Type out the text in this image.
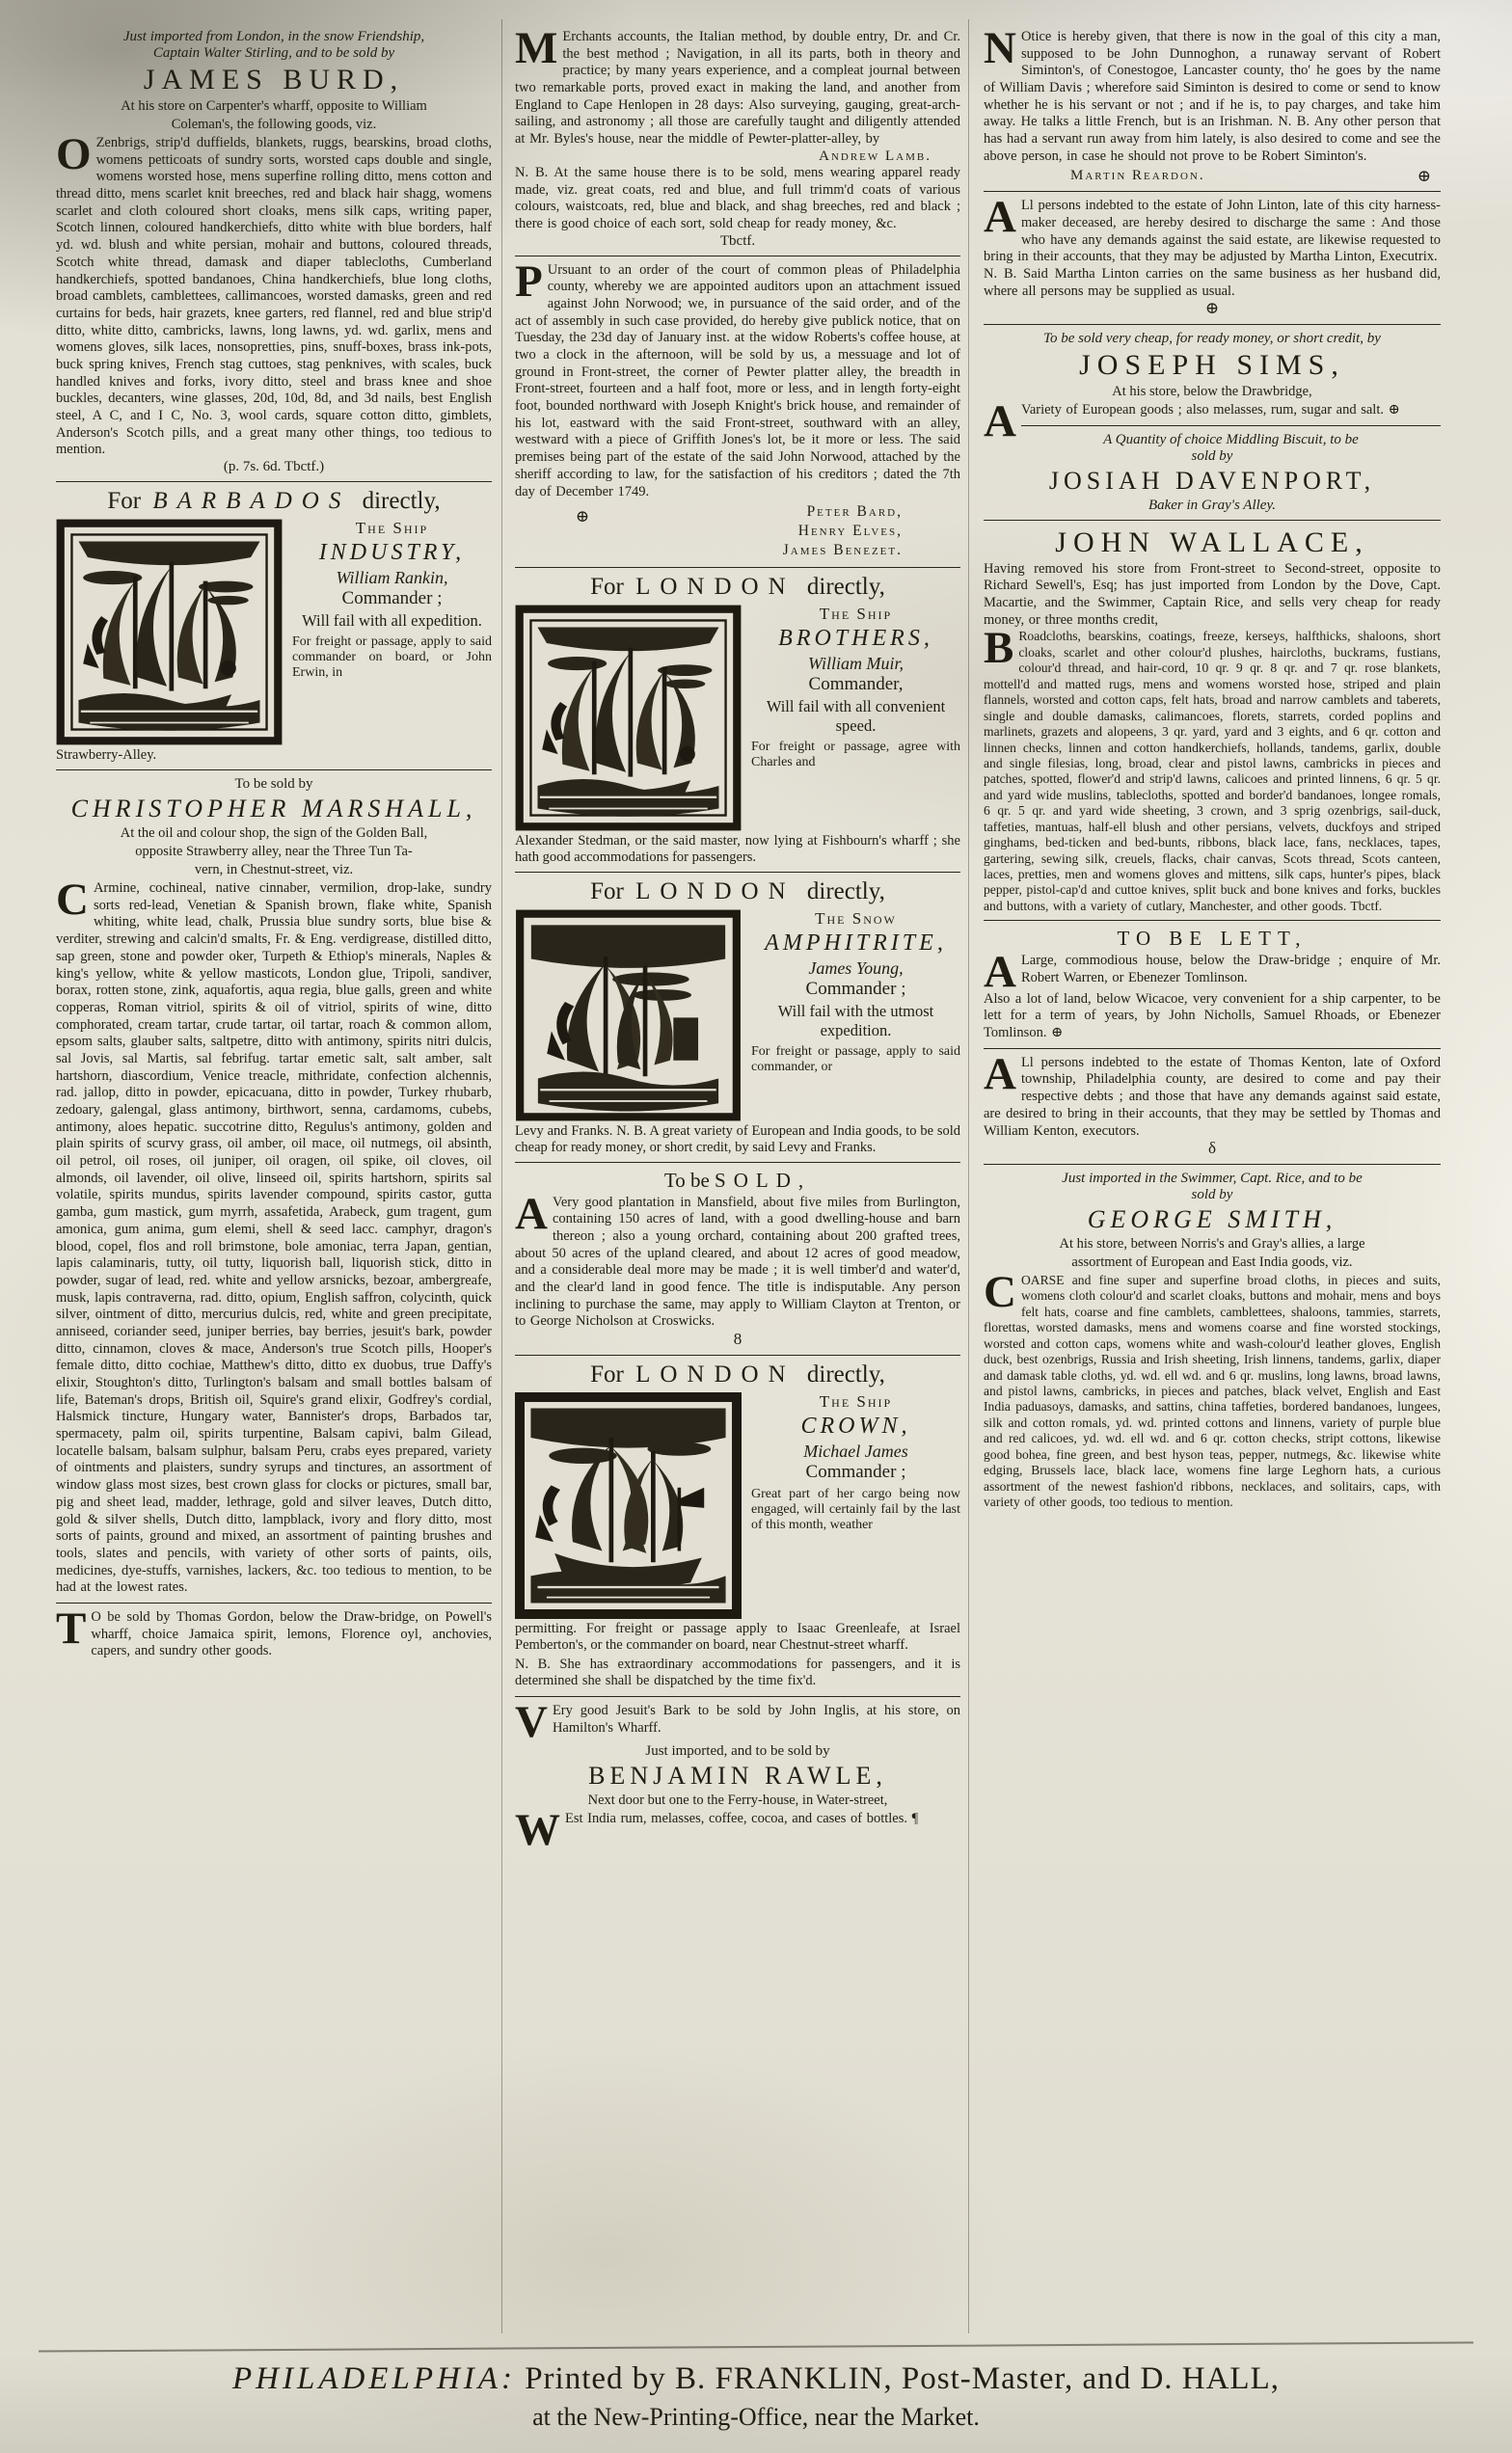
Just imported from London, in the snow Friendship,

Captain Walter Stirling, and to be sold by

JAMES BURD,

At his store on Carpenter's wharff, opposite to William

Coleman's, the following goods, viz.

O Zenbrigs, strip'd duffields, blankets, ruggs, bearskins, broad cloths, womens petticoats of sundry sorts, worsted caps double and single, womens worsted hose, mens superfine rolling ditto, mens cotton and thread ditto, mens scarlet knit breeches, red and black hair shagg, womens scarlet and cloth coloured short cloaks, mens silk caps, writing paper, Scotch linnen, coloured handkerchiefs, ditto white with blue borders, half yd. wd. blush and white persian, mohair and buttons, coloured threads, Scotch white thread, damask and diaper tablecloths, Cumberland handkerchiefs, spotted bandanoes, China handkerchiefs, blue long cloths, broad camblets, camblettees, callimancoes, worsted damasks, green and red curtains for beds, hair grazets, knee garters, red flannel, red and blue strip'd ditto, white ditto, cambricks, lawns, long lawns, yd. wd. garlix, mens and womens gloves, silk laces, nonsopretties, pins, snuff-boxes, brass ink-pots, buck spring knives, French stag cuttoes, stag penknives, with scales, buck handled knives and forks, ivory ditto, steel and brass knee and shoe buckles, decanters, wine glasses, 20d, 10d, 8d, and 3d nails, best English steel, A C, and I C, No. 3, wool cards, square cotton ditto, gimblets, Anderson's Scotch pills, and a great many other things, too tedious to mention.

(p. 7s. 6d. Tbctf.)

For BARBADOS directly,
The Ship
INDUSTRY,
William Rankin,
Commander ;
Will fail with all expedition.
For freight or passage, apply to said commander on board, or John Erwin, in
Strawberry-Alley.

To be sold by

CHRISTOPHER MARSHALL,

At the oil and colour shop, the sign of the Golden Ball,

opposite Strawberry alley, near the Three Tun Ta-

vern, in Chestnut-street, viz.

C Armine, cochineal, native cinnaber, vermilion, drop-lake, sundry sorts red-lead, Venetian & Spanish brown, flake white, Spanish whiting, white lead, chalk, Prussia blue sundry sorts, blue bise & verditer, strewing and calcin'd smalts, Fr. & Eng. verdigrease, distilled ditto, sap green, stone and powder oker, Turpeth & Ethiop's minerals, Naples & king's yellow, white & yellow masticots, London glue, Tripoli, sandiver, borax, rotten stone, zink, aquafortis, aqua regia, blue galls, green and white copperas, Roman vitriol, spirits & oil of vitriol, spirits of wine, ditto comphorated, cream tartar, crude tartar, oil tartar, roach & common allom, epsom salts, glauber salts, saltpetre, ditto with antimony, spirits nitri dulcis, sal Jovis, sal Martis, sal febrifug. tartar emetic salt, salt amber, salt hartshorn, diascordium, Venice treacle, mithridate, confection alchennis, rad. jallop, ditto in powder, epicacuana, ditto in powder, Turkey rhubarb, zedoary, galengal, glass antimony, birthwort, senna, cardamoms, cubebs, antimony, aloes hepatic. succotrine ditto, Regulus's antimony, golden and plain spirits of scurvy grass, oil amber, oil mace, oil nutmegs, oil absinth, oil petrol, oil roses, oil juniper, oil oragen, oil spike, oil cloves, oil almonds, oil lavender, oil olive, linseed oil, spirits hartshorn, spirits sal volatile, spirits mundus, spirits lavender compound, spirits castor, gutta gamba, gum mastick, gum myrrh, assafetida, Arabeck, gum tragent, gum amonica, gum anima, gum elemi, shell & seed lacc. camphyr, dragon's blood, copel, flos and roll brimstone, bole amoniac, terra Japan, gentian, lapis calaminaris, tutty, oil tutty, liquorish ball, liquorish stick, ditto in powder, sugar of lead, red. white and yellow arsnicks, bezoar, ambergreafe, musk, lapis contraverna, rad. ditto, opium, English saffron, colycinth, quick silver, ointment of ditto, mercurius dulcis, red, white and green precipitate, anniseed, coriander seed, juniper berries, bay berries, jesuit's bark, powder ditto, cinnamon, cloves & mace, Anderson's true Scotch pills, Hooper's female ditto, ditto cochiae, Matthew's ditto, ditto ex duobus, true Daffy's elixir, Stoughton's ditto, Turlington's balsam and small bottles balsam of life, Bateman's drops, British oil, Squire's grand elixir, Godfrey's cordial, Halsmick tincture, Hungary water, Bannister's drops, Barbados tar, spermacety, palm oil, spirits turpentine, Balsam capivi, balm Gilead, locatelle balsam, balsam sulphur, balsam Peru, crabs eyes prepared, variety of ointments and plaisters, sundry syrups and tinctures, an assortment of window glass most sizes, best crown glass for clocks or pictures, small bar, pig and sheet lead, madder, lethrage, gold and silver leaves, Dutch ditto, gold & silver shells, Dutch ditto, lampblack, ivory and flory ditto, most sorts of paints, ground and mixed, an assortment of painting brushes and tools, slates and pencils, with variety of other sorts of paints, oils, medicines, dye-stuffs, varnishes, lackers, &c. too tedious to mention, to be had at the lowest rates.
T O be sold by Thomas Gordon, below the Draw-bridge, on Powell's wharff, choice Jamaica spirit, lemons, Florence oyl, anchovies, capers, and sundry other goods.
M Erchants accounts, the Italian method, by double entry, Dr. and Cr. the best method ; Navigation, in all its parts, both in theory and practice; by many years experience, and a compleat journal between two remarkable ports, proved exact in making the land, and another from England to Cape Henlopen in 28 days: Also surveying, gauging, great-arch-sailing, and astronomy ; all those are carefully taught and diligently attended at Mr. Byles's house, near the middle of Pewter-platter-alley, by
Andrew Lamb.
N. B. At the same house there is to be sold, mens wearing apparel ready made, viz. great coats, red and blue, and full trimm'd coats of various colours, waistcoats, red, blue and black, and shag breeches, red and black ; there is good choice of each sort, sold cheap for ready money, &c.

Tbctf.

P Ursuant to an order of the court of common pleas of Philadelphia county, whereby we are appointed auditors upon an attachment issued against John Norwood; we, in pursuance of the said order, and of the act of assembly in such case provided, do hereby give publick notice, that on Tuesday, the 23d day of January inst. at the widow Roberts's coffee house, at two a clock in the afternoon, will be sold by us, a messuage and lot of ground in Front-street, the corner of Pewter platter alley, the breadth in Front-street, fourteen and a half foot, more or less, and in length forty-eight foot, bounded northward with Joseph Knight's brick house, and remainder of his lot, eastward with the said Front-street, southward with an alley, westward with a piece of Griffith Jones's lot, be it more or less. The said premises being part of the estate of the said John Norwood, attached by the sheriff according to law, for the satisfaction of his creditors ; dated the 7th day of December 1749.
⊕	Peter Bard,
Henry Elves,
James Benezet.
For LONDON directly,
The Ship
BROTHERS,
William Muir,
Commander,
Will fail with all convenient speed.
For freight or passage, agree with Charles and
Alexander Stedman, or the said master, now lying at Fishbourn's wharff ; she hath good accommodations for passengers.
For LONDON directly,
The Snow
AMPHITRITE,
James Young,
Commander ;
Will fail with the utmost expedition.
For freight or passage, apply to said commander, or
Levy and Franks. N. B. A great variety of European and India goods, to be sold cheap for ready money, or short credit, by said Levy and Franks.
To be SOLD,
A Very good plantation in Mansfield, about five miles from Burlington, containing 150 acres of land, with a good dwelling-house and barn thereon ; also a young orchard, containing about 200 grafted trees, about 50 acres of the upland cleared, and about 12 acres of good meadow, and a considerable deal more may be made ; it is well timber'd and water'd, and the clear'd land in good fence. The title is indisputable. Any person inclining to purchase the same, may apply to William Clayton at Trenton, or to George Nicholson at Croswicks.
8
For LONDON directly,
The Ship
CROWN,
Michael James
Commander ;
Great part of her cargo being now engaged, will certainly fail by the last of this month, weather
permitting. For freight or passage apply to Isaac Greenleafe, at Israel Pemberton's, or the commander on board, near Chestnut-street wharff.
N. B. She has extraordinary accommodations for passengers, and it is determined she shall be dispatched by the time fix'd.
V Ery good Jesuit's Bark to be sold by John Inglis, at his store, on Hamilton's Wharff.

Just imported, and to be sold by

BENJAMIN RAWLE,

Next door but one to the Ferry-house, in Water-street,

W Est India rum, melasses, coffee, cocoa, and cases of bottles. ¶
N Otice is hereby given, that there is now in the goal of this city a man, supposed to be John Dunnoghon, a runaway servant of Robert Siminton's, of Conestogoe, Lancaster county, tho' he goes by the name of William Davis ; wherefore said Siminton is desired to come or send to know whether he is his servant or not ; and if he is, to pay charges, and take him away. He talks a little French, but is an Irishman. N. B. Any other person that has had a servant run away from him lately, is also desired to come and see the above person, in case he should not prove to be Robert Siminton's.
Martin Reardon.	⊕
A Ll persons indebted to the estate of John Linton, late of this city harness-maker deceased, are hereby desired to discharge the same : And those who have any demands against the said estate, are likewise requested to bring in their accounts, that they may be adjusted by Martha Linton, Executrix.
N. B. Said Martha Linton carries on the same business as her husband did, where all persons may be supplied as usual.
⊕

To be sold very cheap, for ready money, or short credit, by

JOSEPH SIMS,

At his store, below the Drawbridge,

A Variety of European goods ; also melasses, rum, sugar and salt. ⊕

A Quantity of choice Middling Biscuit, to be

sold by

JOSIAH DAVENPORT,

Baker in Gray's Alley.

JOHN WALLACE,
Having removed his store from Front-street to Second-street, opposite to Richard Sewell's, Esq; has just imported from London by the Dove, Capt. Macartie, and the Swimmer, Captain Rice, and sells very cheap for ready money, or three months credit,
B Roadcloths, bearskins, coatings, freeze, kerseys, halfthicks, shaloons, short cloaks, scarlet and other colour'd plushes, haircloths, buckrams, fustians, colour'd thread, and hair-cord, 10 qr. 9 qr. 8 qr. and 7 qr. rose blankets, mottell'd and matted rugs, mens and womens worsted hose, striped and plain flannels, worsted and cotton caps, felt hats, broad and narrow camblets and taberets, single and double damasks, calimancoes, florets, starrets, corded poplins and marlinets, grazets and alopeens, 3 qr. yard, yard and 3 eights, and 6 qr. cotton and linnen checks, linnen and cotton handkerchiefs, hollands, tandems, garlix, double and single filesias, long, broad, clear and pistol lawns, cambricks in pieces and patches, spotted, flower'd and strip'd lawns, calicoes and printed linnens, 6 qr. 5 qr. and yard wide muslins, tablecloths, spotted and border'd bandanoes, longee romals, 6 qr. 5 qr. and yard wide sheeting, 3 crown, and 3 sprig ozenbrigs, sail-duck, taffeties, mantuas, half-ell blush and other persians, velvets, duckfoys and striped ginghams, bed-ticken and bed-bunts, ribbons, black lace, fans, necklaces, tapes, gartering, sewing silk, creuels, flacks, chair canvas, Scots thread, Scots canteen, laces, pretties, men and womens gloves and mittens, silk caps, hunter's pipes, black pepper, pistol-cap'd and cuttoe knives, split buck and bone knives and forks, buckles and buttons, with a variety of cutlary, Manchester, and other goods. Tbctf.
TO BE LETT,
A Large, commodious house, below the Draw-bridge ; enquire of Mr. Robert Warren, or Ebenezer Tomlinson.
Also a lot of land, below Wicacoe, very convenient for a ship carpenter, to be lett for a term of years, by John Nicholls, Samuel Rhoads, or Ebenezer Tomlinson. ⊕
A Ll persons indebted to the estate of Thomas Kenton, late of Oxford township, Philadelphia county, are desired to come and pay their respective debts ; and those that have any demands against said estate, are desired to bring in their accounts, that they may be settled by Thomas and William Kenton, executors.
δ

Just imported in the Swimmer, Capt. Rice, and to be

sold by

GEORGE SMITH,

At his store, between Norris's and Gray's allies, a large

assortment of European and East India goods, viz.

COARSE and fine super and superfine broad cloths, in pieces and suits, womens cloth colour'd and scarlet cloaks, buttons and mohair, mens and boys felt hats, coarse and fine camblets, camblettees, shaloons, tammies, starrets, florettas, worsted damasks, mens and womens coarse and fine worsted stockings, worsted and cotton caps, womens white and wash-colour'd leather gloves, English duck, best ozenbrigs, Russia and Irish sheeting, Irish linnens, tandems, garlix, diaper and damask table cloths, yd. wd. ell wd. and 6 qr. muslins, long lawns, broad lawns, and pistol lawns, cambricks, in pieces and patches, black velvet, English and East India paduasoys, damasks, and sattins, china taffeties, bordered bandanoes, lungees, silk and cotton romals, yd. wd. printed cottons and linnens, variety of purple blue and red calicoes, yd. wd. ell wd. and 6 qr. cotton checks, stript cottons, likewise good bohea, fine green, and best hyson teas, pepper, nutmegs, &c. likewise white edging, Brussels lace, black lace, womens fine large Leghorn hats, a curious assortment of the newest fashion'd ribbons, necklaces, and solitairs, caps, with variety of other goods, too tedious to mention.
PHILADELPHIA: Printed by B. FRANKLIN, Post-Master, and D. HALL,
at the New-Printing-Office, near the Market.
